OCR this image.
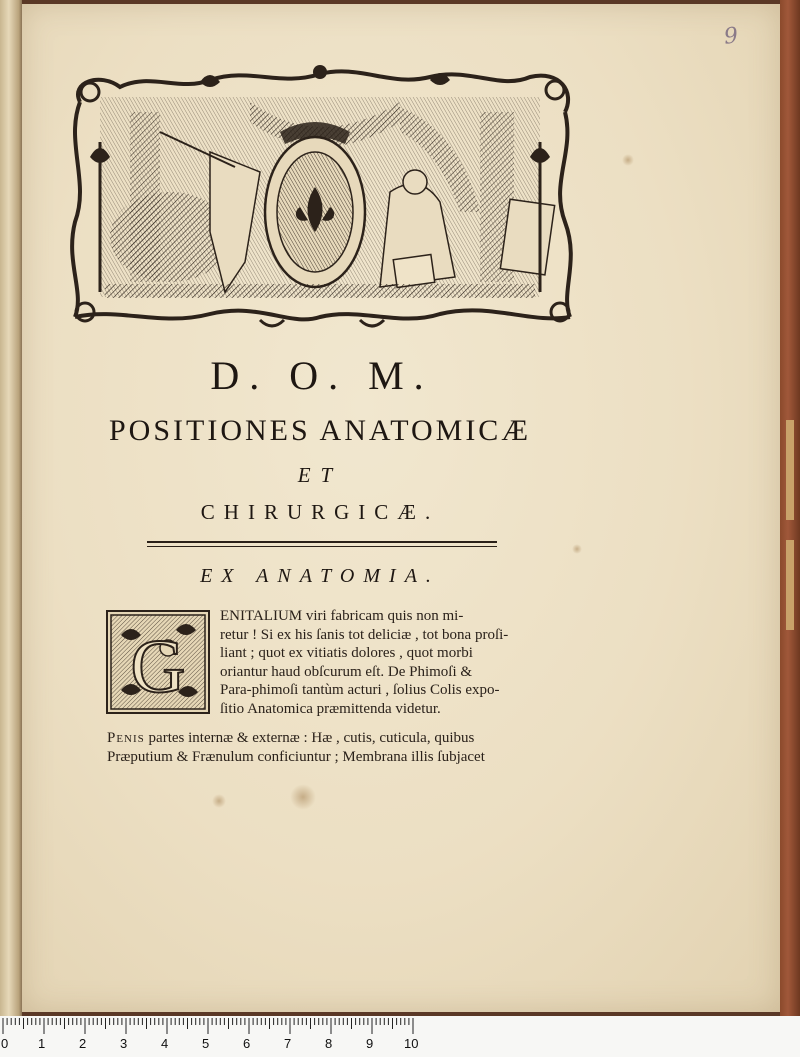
9
D. O. M.
POSITIONES ANATOMICÆ
ET
CHIRURGICÆ.
EX ANATOMIA.
G
ENITALIUM viri fabricam quis non mi-
retur ! Si ex his ſanis tot deliciæ , tot bona proſi-
liant ; quot ex vitiatis dolores , quot morbi
oriantur haud obſcurum eſt. De Phimoſi &
Para-phimoſi tantùm acturi , ſolius Colis expo-
ſitio Anatomica præmittenda videtur.
Penis partes internæ & externæ : Hæ , cutis, cuticula, quibus
Præputium & Frænulum conficiuntur ; Membrana illis ſubjacet
0 1	2	3	4	5	6	7	8	9 10
